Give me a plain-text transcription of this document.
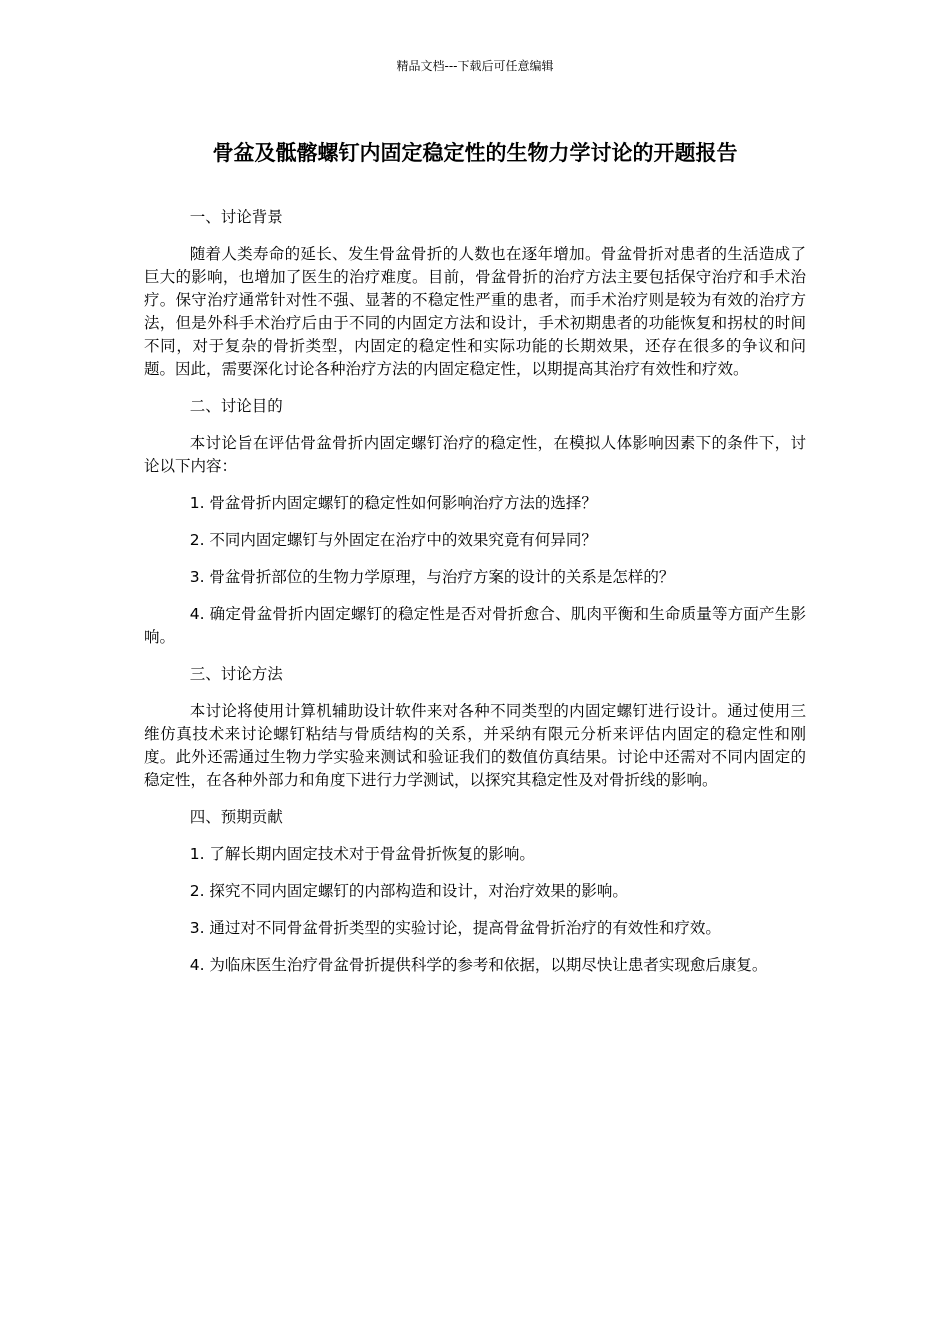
精品文档---下载后可任意编辑
骨盆及骶髂螺钉内固定稳定性的生物力学讨论的开题报告

一、讨论背景

随着人类寿命的延长、发生骨盆骨折的人数也在逐年增加。骨盆骨折对患者的生活造成了巨大的影响，也增加了医生的治疗难度。目前，骨盆骨折的治疗方法主要包括保守治疗和手术治疗。保守治疗通常针对性不强、显著的不稳定性严重的患者，而手术治疗则是较为有效的治疗方法，但是外科手术治疗后由于不同的内固定方法和设计，手术初期患者的功能恢复和拐杖的时间不同，对于复杂的骨折类型，内固定的稳定性和实际功能的长期效果，还存在很多的争议和问题。因此，需要深化讨论各种治疗方法的内固定稳定性，以期提高其治疗有效性和疗效。

二、讨论目的

本讨论旨在评估骨盆骨折内固定螺钉治疗的稳定性，在模拟人体影响因素下的条件下，讨论以下内容：

1. 骨盆骨折内固定螺钉的稳定性如何影响治疗方法的选择？

2. 不同内固定螺钉与外固定在治疗中的效果究竟有何异同？

3. 骨盆骨折部位的生物力学原理，与治疗方案的设计的关系是怎样的？

4. 确定骨盆骨折内固定螺钉的稳定性是否对骨折愈合、肌肉平衡和生命质量等方面产生影响。

三、讨论方法

本讨论将使用计算机辅助设计软件来对各种不同类型的内固定螺钉进行设计。通过使用三维仿真技术来讨论螺钉粘结与骨质结构的关系，并采纳有限元分析来评估内固定的稳定性和刚度。此外还需通过生物力学实验来测试和验证我们的数值仿真结果。讨论中还需对不同内固定的稳定性，在各种外部力和角度下进行力学测试，以探究其稳定性及对骨折线的影响。

四、预期贡献

1. 了解长期内固定技术对于骨盆骨折恢复的影响。

2. 探究不同内固定螺钉的内部构造和设计，对治疗效果的影响。

3. 通过对不同骨盆骨折类型的实验讨论，提高骨盆骨折治疗的有效性和疗效。

4. 为临床医生治疗骨盆骨折提供科学的参考和依据，以期尽快让患者实现愈后康复。
